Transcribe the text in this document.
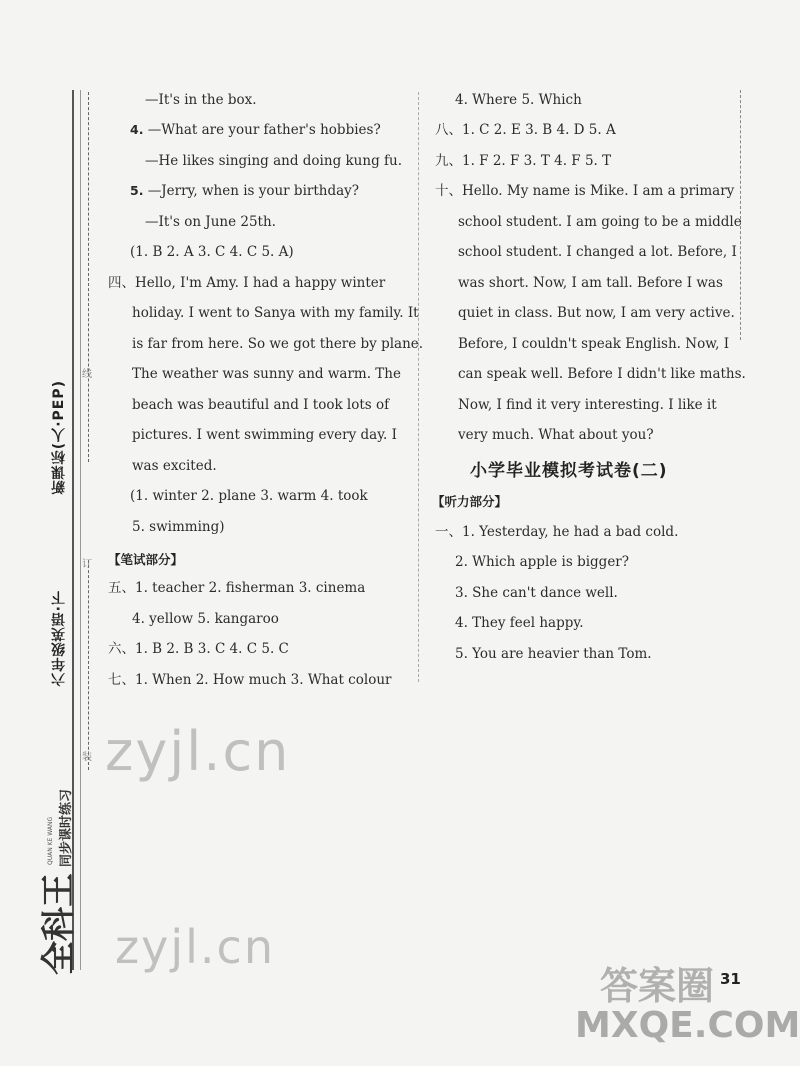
新课标(人·PEP)
六年级英语·下
线
订
装
全科王
同步课时练习
QUAN KE WANG
—It's in the box.
4. —What are your father's hobbies?
—He likes singing and doing kung fu.
5. —Jerry, when is your birthday?
—It's on June 25th.
(1. B 2. A 3. C 4. C 5. A)
四、Hello, I'm Amy. I had a happy winter
holiday. I went to Sanya with my family. It
is far from here. So we got there by plane.
The weather was sunny and warm. The
beach was beautiful and I took lots of
pictures. I went swimming every day. I
was excited.
(1. winter 2. plane 3. warm 4. took
5. swimming)
【笔试部分】
五、1. teacher 2. fisherman 3. cinema
4. yellow 5. kangaroo
六、1. B 2. B 3. C 4. C 5. C
七、1. When 2. How much 3. What colour
4. Where 5. Which
八、1. C 2. E 3. B 4. D 5. A
九、1. F 2. F 3. T 4. F 5. T
十、Hello. My name is Mike. I am a primary
school student. I am going to be a middle
school student. I changed a lot. Before, I
was short. Now, I am tall. Before I was
quiet in class. But now, I am very active.
Before, I couldn't speak English. Now, I
can speak well. Before I didn't like maths.
Now, I find it very interesting. I like it
very much. What about you?
小学毕业模拟考试卷(二)
【听力部分】
一、1. Yesterday, he had a bad cold.
2. Which apple is bigger?
3. She can't dance well.
4. They feel happy.
5. You are heavier than Tom.
zyjl.cn
zyjl.cn
答案圈
MXQE.COM
31
